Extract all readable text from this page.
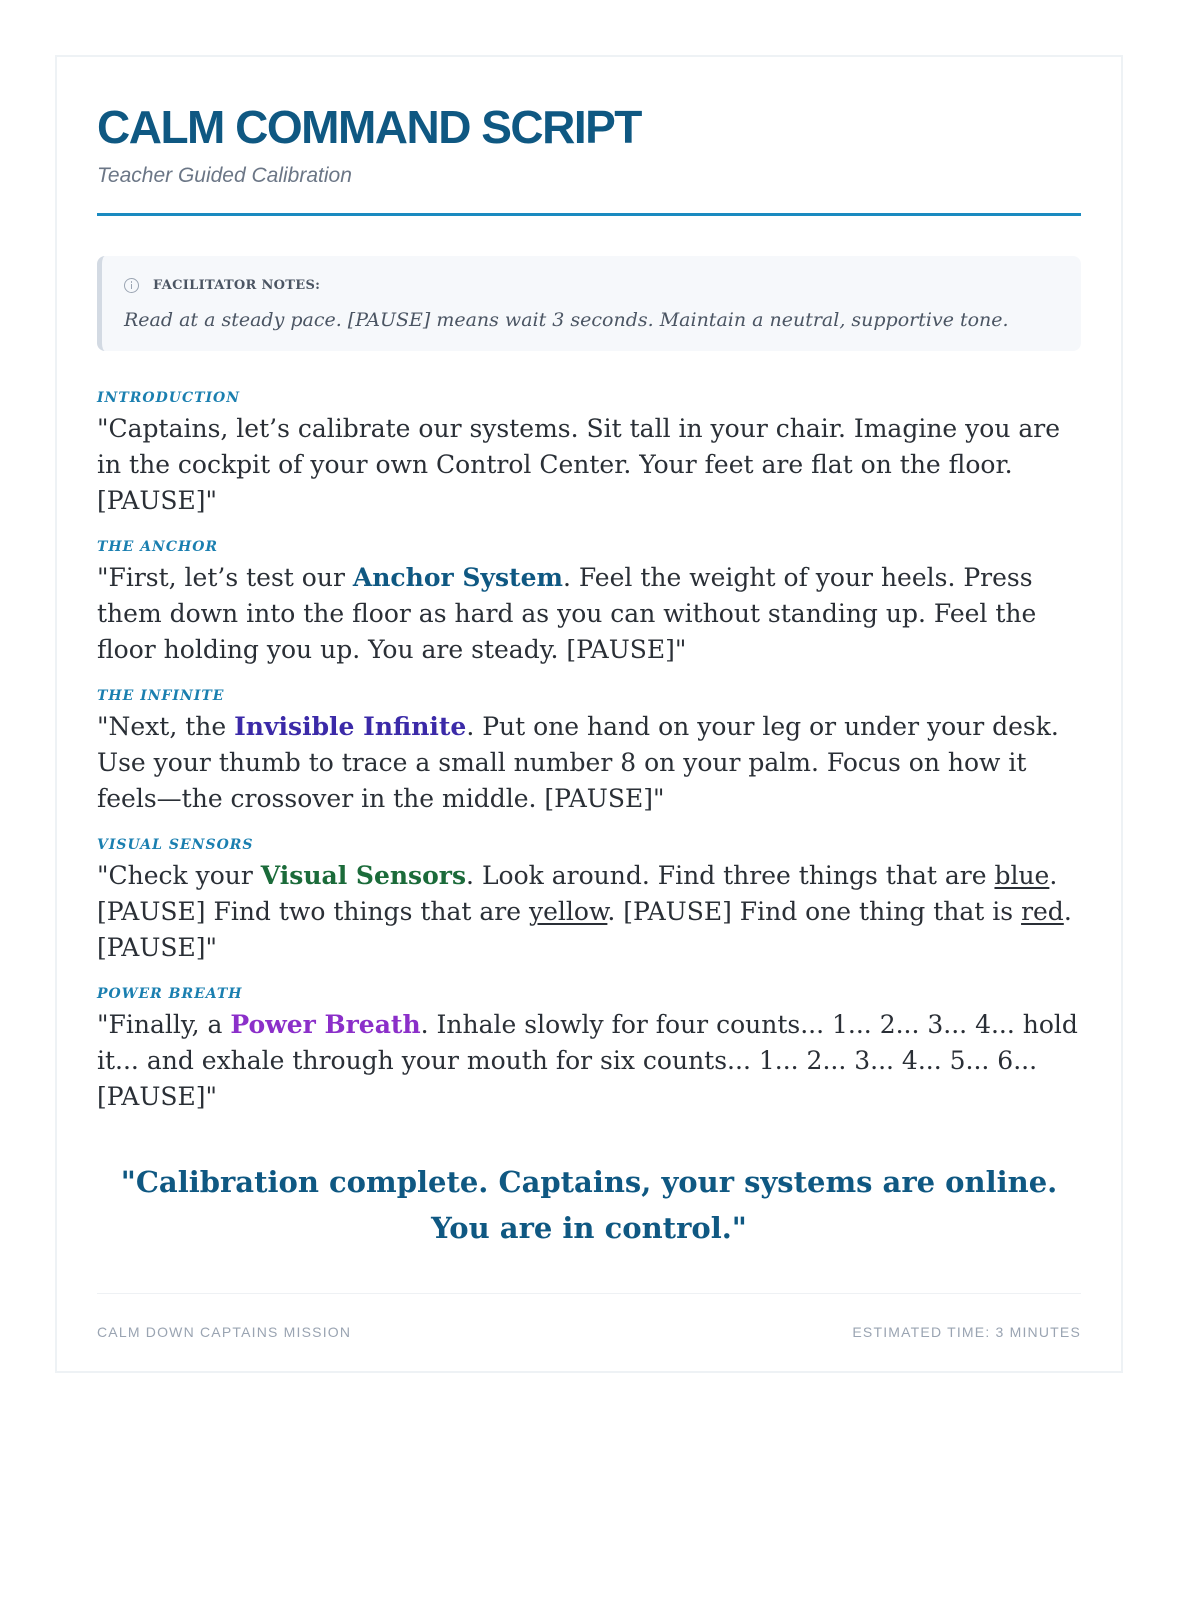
CALM COMMAND SCRIPT
Teacher Guided Calibration
FACILITATOR NOTES:
Read at a steady pace. [PAUSE] means wait 3 seconds. Maintain a neutral, supportive tone.
INTRODUCTION
"Captains, let’s calibrate our systems. Sit tall in your chair. Imagine you are in the cockpit of your own Control Center. Your feet are flat on the floor. [PAUSE]"
THE ANCHOR
"First, let’s test our Anchor System. Feel the weight of your heels. Press them down into the floor as hard as you can without standing up. Feel the floor holding you up. You are steady. [PAUSE]"
THE INFINITE
"Next, the Invisible Infinite. Put one hand on your leg or under your desk. Use your thumb to trace a small number 8 on your palm. Focus on how it feels—the crossover in the middle. [PAUSE]"
VISUAL SENSORS
"Check your Visual Sensors. Look around. Find three things that are blue. [PAUSE] Find two things that are yellow. [PAUSE] Find one thing that is red. [PAUSE]"
POWER BREATH
"Finally, a Power Breath. Inhale slowly for four counts... 1... 2... 3... 4... hold it... and exhale through your mouth for six counts... 1... 2... 3... 4... 5... 6... [PAUSE]"
"Calibration complete. Captains, your systems are online. You are in control."
CALM DOWN CAPTAINS MISSION	ESTIMATED TIME: 3 MINUTES
